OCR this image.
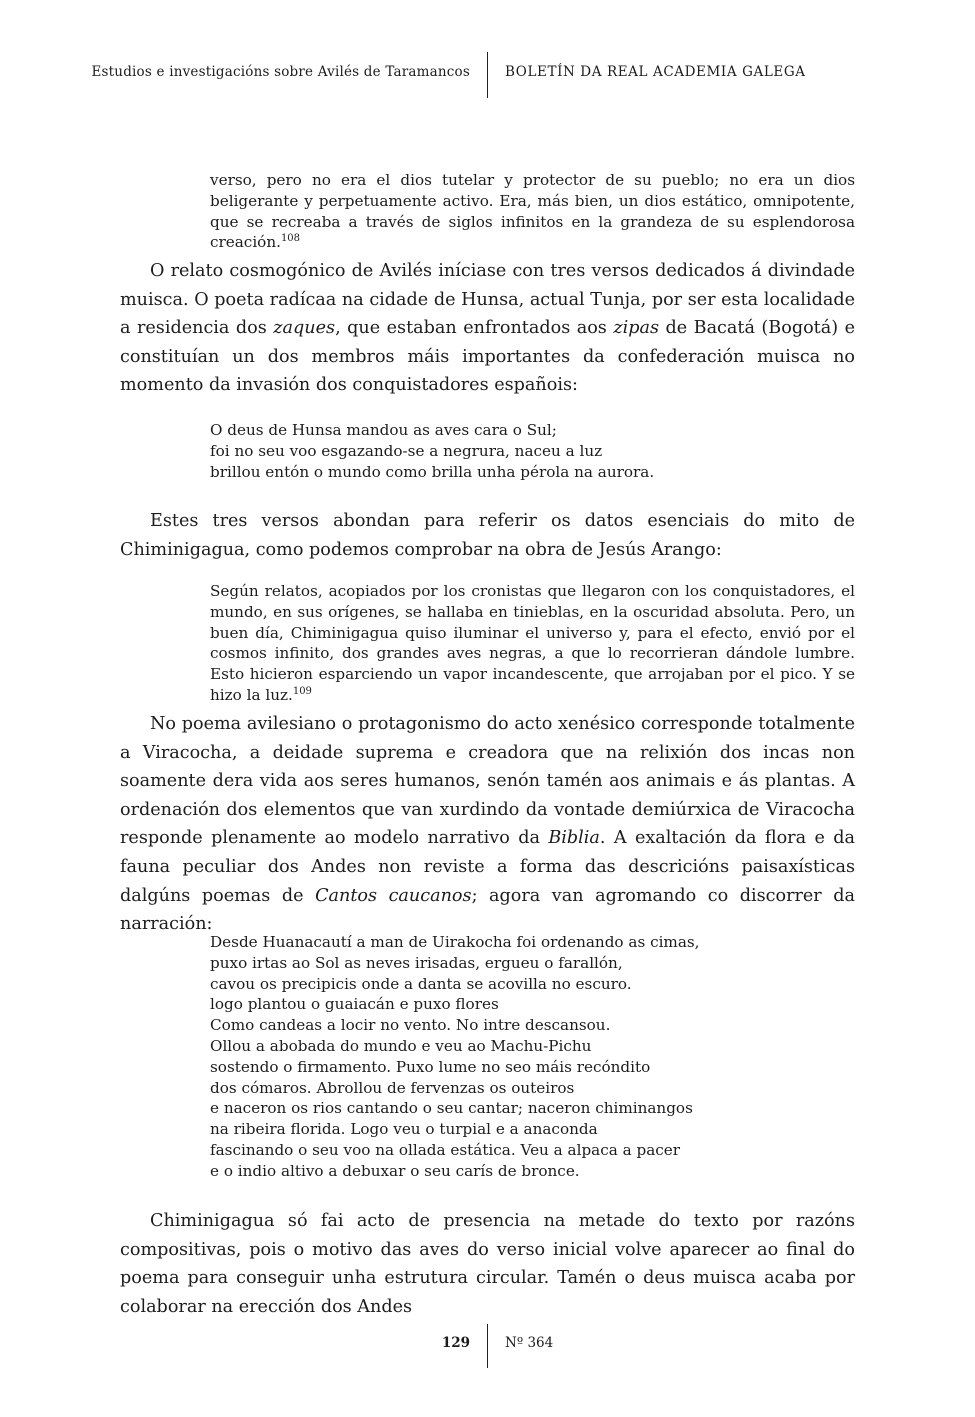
Estudios e investigacións sobre Avilés de Taramancos	BOLETÍN DA REAL ACADEMIA GALEGA
verso, pero no era el dios tutelar y protector de su pueblo; no era un dios beligerante y perpetuamente activo. Era, más bien, un dios estático, omnipotente, que se recreaba a través de siglos infinitos en la grandeza de su esplendorosa creación.$^{108}$
O relato cosmogónico de Avilés iníciase con tres versos dedicados á divindade muisca. O poeta radícaa na cidade de Hunsa, actual Tunja, por ser esta localidade a residencia dos zaques, que estaban enfrontados aos zipas de Bacatá (Bogotá) e constituían un dos membros máis importantes da confederación muisca no momento da invasión dos conquistadores españois:
O deus de Hunsa mandou as aves cara o Sul;
foi no seu voo esgazando-se a negrura, naceu a luz
brillou entón o mundo como brilla unha pérola na aurora.
Estes tres versos abondan para referir os datos esenciais do mito de Chiminigagua, como podemos comprobar na obra de Jesús Arango:
Según relatos, acopiados por los cronistas que llegaron con los conquistadores, el mundo, en sus orígenes, se hallaba en tinieblas, en la oscuridad absoluta. Pero, un buen día, Chiminigagua quiso iluminar el universo y, para el efecto, envió por el cosmos infinito, dos grandes aves negras, a que lo recorrieran dándole lumbre. Esto hicieron esparciendo un vapor incandescente, que arrojaban por el pico. Y se hizo la luz.$^{109}$
No poema avilesiano o protagonismo do acto xenésico corresponde totalmente a Viracocha, a deidade suprema e creadora que na relixión dos incas non soamente dera vida aos seres humanos, senón tamén aos animais e ás plantas. A ordenación dos elementos que van xurdindo da vontade demiúrxica de Viracocha responde plenamente ao modelo narrativo da Biblia. A exaltación da flora e da fauna peculiar dos Andes non reviste a forma das descricións paisaxísticas dalgúns poemas de Cantos caucanos; agora van agromando co discorrer da narración:
Desde Huanacautí a man de Uirakocha foi ordenando as cimas,
puxo irtas ao Sol as neves irisadas, ergueu o farallón,
cavou os precipicis onde a danta se acovilla no escuro.
logo plantou o guaiacán e puxo flores
Como candeas a locir no vento. No intre descansou.
Ollou a abobada do mundo e veu ao Machu-Pichu
sostendo o firmamento. Puxo lume no seo máis recóndito
dos cómaros. Abrollou de fervenzas os outeiros
e naceron os rios cantando o seu cantar; naceron chiminangos
na ribeira florida. Logo veu o turpial e a anaconda
fascinando o seu voo na ollada estática. Veu a alpaca a pacer
e o indio altivo a debuxar o seu carís de bronce.
Chiminigagua só fai acto de presencia na metade do texto por razóns compositivas, pois o motivo das aves do verso inicial volve aparecer ao final do poema para conseguir unha estrutura circular. Tamén o deus muisca acaba por colaborar na erección dos Andes
129	Nº 364
